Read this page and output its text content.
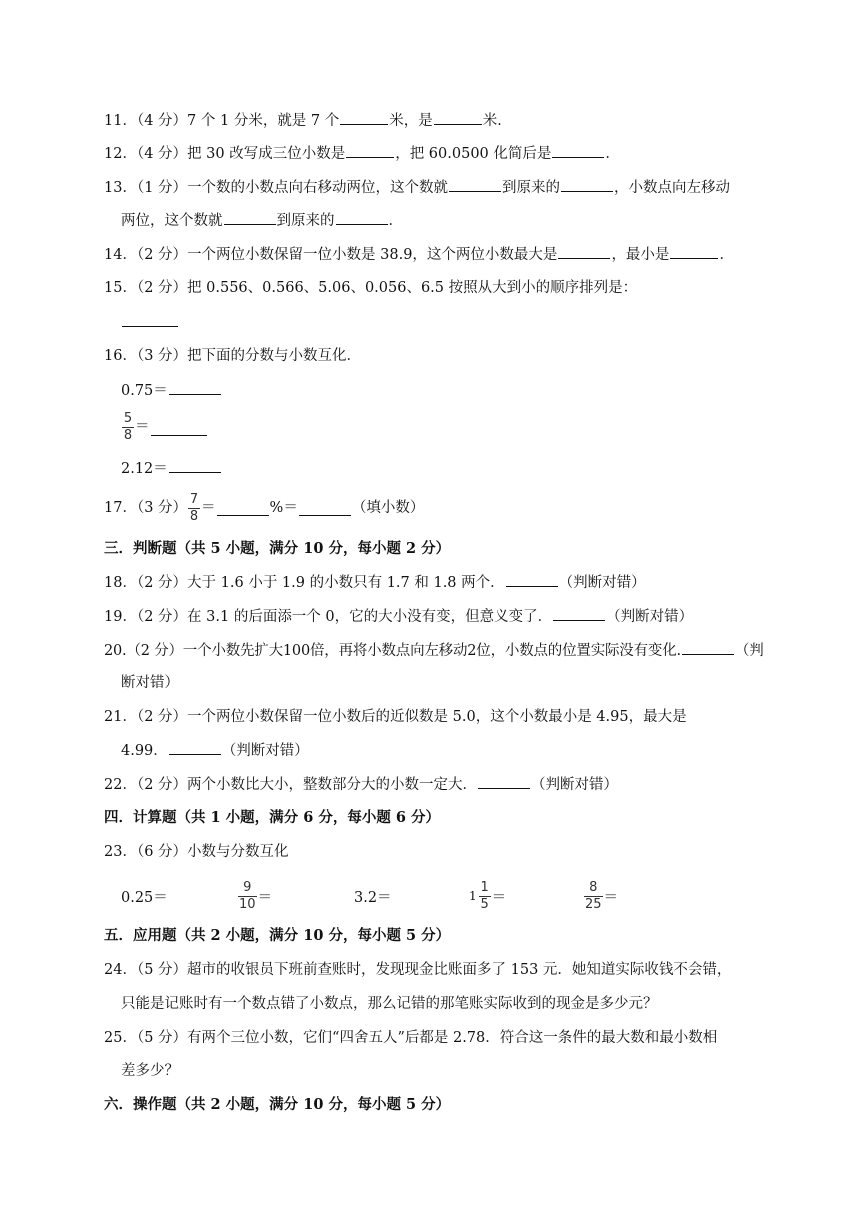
11．（4 分）7 个 1 分米，就是 7 个	米，是	米．
12．（4 分）把 30 改写成三位小数是	，把 60.0500 化简后是	．
13．（1 分）一个数的小数点向右移动两位，这个数就	到原来的	，小数点向左移动
两位，这个数就	到原来的	．
14．（2 分）一个两位小数保留一位小数是 38.9，这个两位小数最大是	，最小是	．
15．（2 分）把 0.556、0.566、5.06、0.056、6.5 按照从大到小的顺序排列是：
16．（3 分）把下面的分数与小数互化．
0.75＝
$\frac{5}{8}$ ＝
2.12＝
17．（3 分） $\frac{7}{8}$ ＝	%＝	（填小数）
三．判断题（共 5 小题，满分 10 分，每小题 2 分）
18．（2 分）大于 1.6 小于 1.9 的小数只有 1.7 和 1.8 两个．	（判断对错）
19．（2 分）在 3.1 的后面添一个 0，它的大小没有变，但意义变了．	（判断对错）
20.（2 分）一个小数先扩大100倍，再将小数点向左移动2位，小数点的位置实际没有变化.	（判
断对错）
21．（2 分）一个两位小数保留一位小数后的近似数是 5.0，这个小数最小是 4.95，最大是
4.99．	（判断对错）
22．（2 分）两个小数比大小，整数部分大的小数一定大．	（判断对错）
四．计算题（共 1 小题，满分 6 分，每小题 6 分）
23．（6 分）小数与分数互化
0.25＝	$\frac{9}{10}$ ＝	3.2＝	$1 \frac{1}{5}$ ＝	$\frac{8}{25}$ ＝
五．应用题（共 2 小题，满分 10 分，每小题 5 分）
24．（5 分）超市的收银员下班前查账时，发现现金比账面多了 153 元．她知道实际收钱不会错，
只能是记账时有一个数点错了小数点，那么记错的那笔账实际收到的现金是多少元？
25．（5 分）有两个三位小数，它们“四舍五人”后都是 2.78．符合这一条件的最大数和最小数相
差多少？
六．操作题（共 2 小题，满分 10 分，每小题 5 分）
